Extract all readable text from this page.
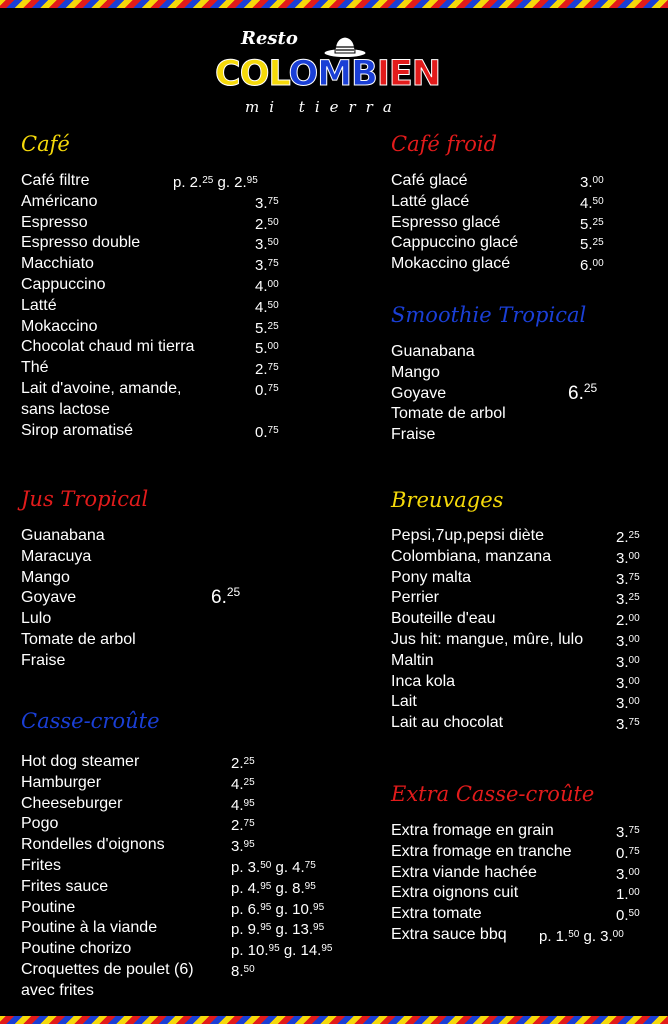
Resto
COLOMBIEN
mi tierra
Café
Café filtre	p. 2.25 g. 2.95
Américano	3.75
Espresso	2.50
Espresso double	3.50
Macchiato	3.75
Cappuccino	4.00
Latté	4.50
Mokaccino	5.25
Chocolat chaud mi tierra	5.00
Thé	2.75
Lait d'avoine, amande,	0.75
sans lactose
Sirop aromatisé	0.75
Café froid
Café glacé	3.00
Latté glacé	4.50
Espresso glacé	5.25
Cappuccino glacé	5.25
Mokaccino glacé	6.00
Breuvages
Pepsi,7up,pepsi diète	2.25
Colombiana, manzana	3.00
Pony malta	3.75
Perrier	3.25
Bouteille d'eau	2.00
Jus hit: mangue, mûre, lulo 3.00
Maltin	3.00
Inca kola	3.00
Lait	3.00
Lait au chocolat	3.75
Casse-croûte
Hot dog steamer	2.25
Hamburger	4.25
Cheeseburger	4.95
Pogo	2.75
Rondelles d'oignons	3.95
Frites	p. 3.50 g. 4.75
Frites sauce	p. 4.95 g. 8.95
Poutine	p. 6.95 g. 10.95
Poutine à la viande	p. 9.95 g. 13.95
Poutine chorizo	p. 10.95 g. 14.95
Croquettes de poulet (6) 8.50
avec frites
Extra Casse-croûte
Extra fromage en grain	3.75
Extra fromage en tranche	0.75
Extra viande hachée	3.00
Extra oignons cuit	1.00
Extra tomate	0.50
Extra sauce bbq p. 1.50 g. 3.00
Smoothie Tropical
Guanabana
Mango
Goyave
Tomate de arbol
Fraise
6.25
Jus Tropical
Guanabana
Maracuya
Mango
Goyave
Lulo
Tomate de arbol
Fraise
6.25
